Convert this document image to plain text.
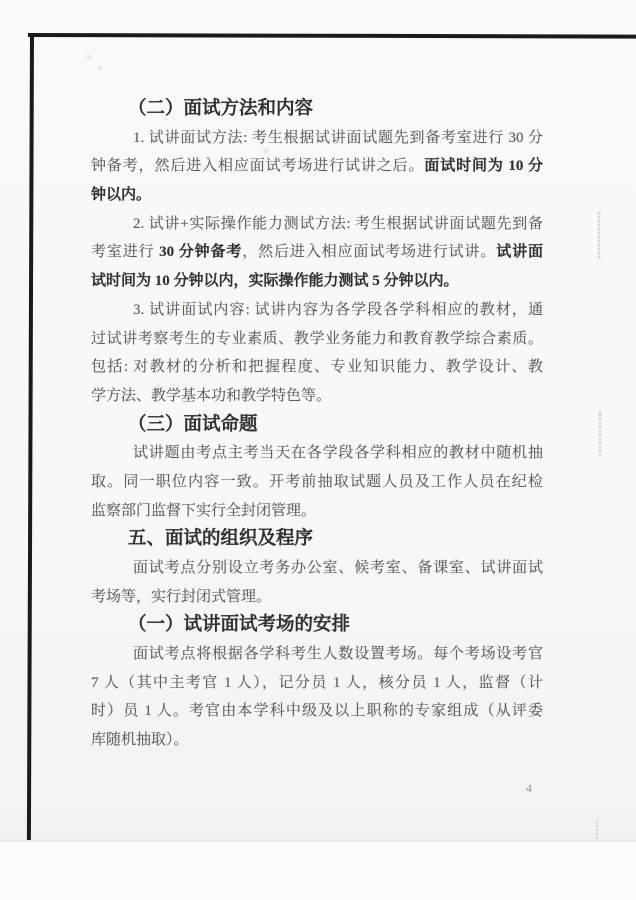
（二）面试方法和内容
1. 试讲面试方法: 考生根据试讲面试题先到备考室进行 30 分
钟备考，然后进入相应面试考场进行试讲之后。面试时间为 10 分
钟以内。
2. 试讲+实际操作能力测试方法: 考生根据试讲面试题先到备
考室进行 30 分钟备考，然后进入相应面试考场进行试讲。试讲面
试时间为 10 分钟以内，实际操作能力测试 5 分钟以内。
3. 试讲面试内容: 试讲内容为各学段各学科相应的教材，通
过试讲考察考生的专业素质、教学业务能力和教育教学综合素质。
包括: 对教材的分析和把握程度、专业知识能力、教学设计、教
学方法、教学基本功和教学特色等。
（三）面试命题
试讲题由考点主考当天在各学段各学科相应的教材中随机抽
取。同一职位内容一致。开考前抽取试题人员及工作人员在纪检
监察部门监督下实行全封闭管理。
五、面试的组织及程序
面试考点分别设立考务办公室、候考室、备课室、试讲面试
考场等，实行封闭式管理。
（一）试讲面试考场的安排
面试考点将根据各学科考生人数设置考场。每个考场设考官
7 人（其中主考官 1 人），记分员 1 人，核分员 1 人，监督（计
时）员 1 人。考官由本学科中级及以上职称的专家组成（从评委
库随机抽取）。
4
